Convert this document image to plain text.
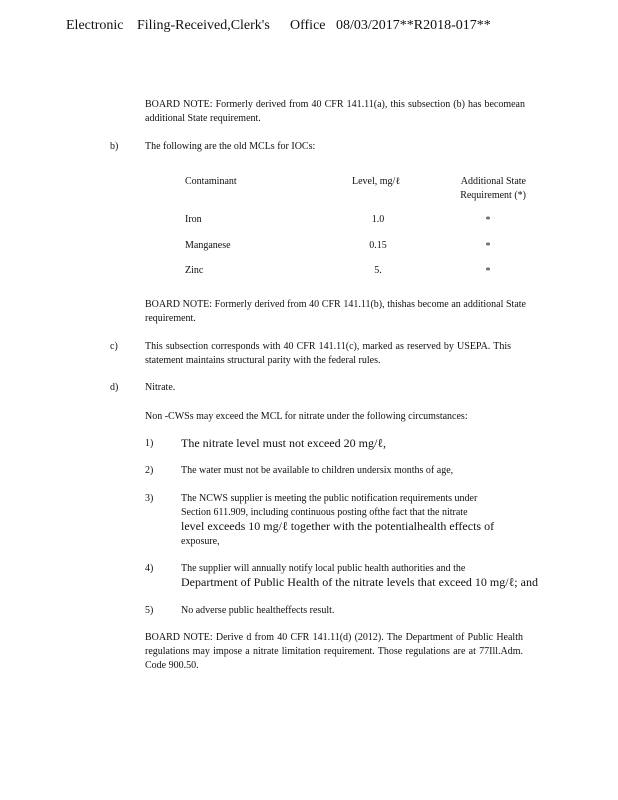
Electronic Filing-Received,Clerk's Office 08/03/2017**R2018-017**
BOARD NOTE: Formerly derived from 40 CFR 141.11(a), this subsection (b) has becomean additional State requirement.
b)	The following are the old MCLs for IOCs:
Contaminant	Level, mg/ℓ	Additional State
Requirement (*)
Iron	1.0	*
Manganese	0.15	*
Zinc	5.	*
BOARD NOTE: Formerly derived from 40 CFR 141.11(b), thishas become an additional State requirement.
c)	This subsection corresponds with 40 CFR 141.11(c), marked as reserved by USEPA. This statement maintains structural parity with the federal rules.
d)	Nitrate.
Non -CWSs may exceed the MCL for nitrate under the following circumstances:
1) The nitrate level must not exceed 20 mg/ℓ,
2)	The water must not be available to children undersix months of age,
3)	The NCWS supplier is meeting the public notification requirements under
Section 611.909, including continuous posting ofthe fact that the nitrate
level exceeds 10 mg/ℓ together with the potentialhealth effects of
exposure,
4)	The supplier will annually notify local public health authorities and the
Department of Public Health of the nitrate levels that exceed 10 mg/ℓ; and
5)	No adverse public healtheffects result.
BOARD NOTE: Derive d from 40 CFR 141.11(d) (2012). The Department of Public Health regulations may impose a nitrate limitation requirement. Those regulations are at 77Ill.Adm. Code 900.50.
